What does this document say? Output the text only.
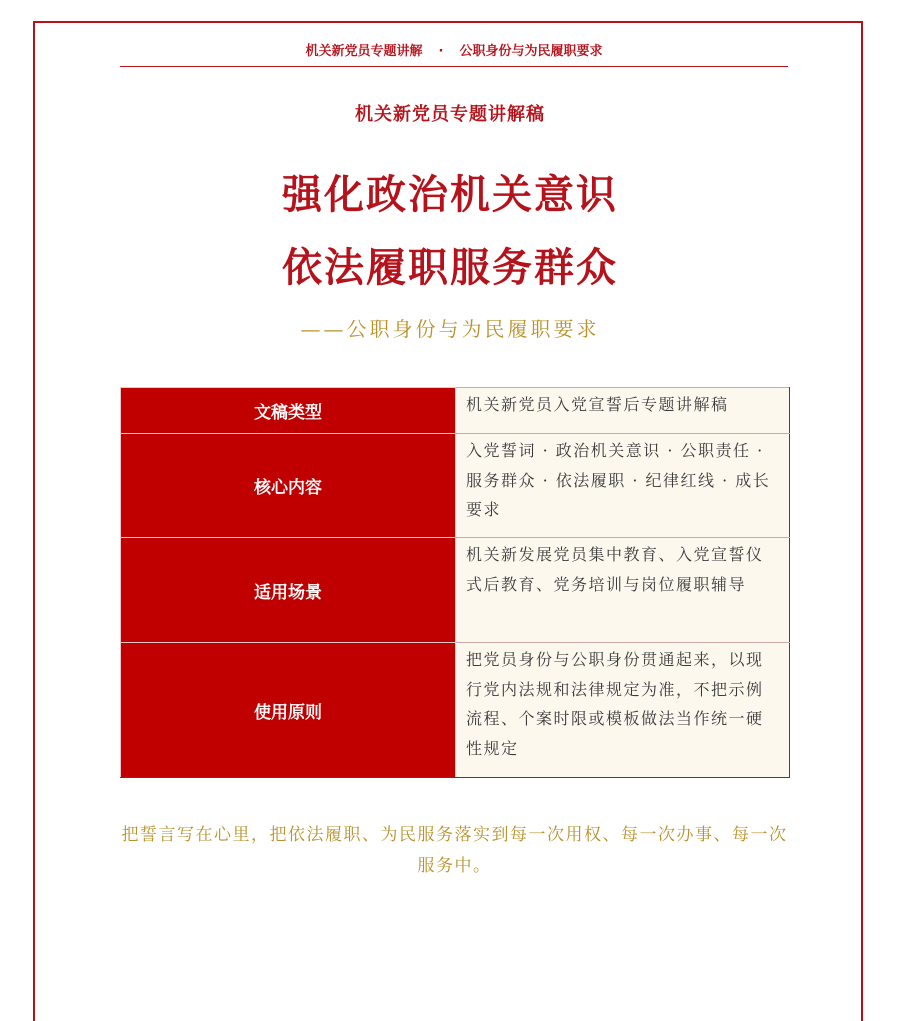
机关新党员专题讲解 · 公职身份与为民履职要求
机关新党员专题讲解稿
强化政治机关意识
依法履职服务群众
——公职身份与为民履职要求
文稿类型	机关新党员入党宣誓后专题讲解稿
核心内容	入党誓词 · 政治机关意识 · 公职责任 · 服务群众 · 依法履职 · 纪律红线 · 成长要求
适用场景	机关新发展党员集中教育、入党宣誓仪式后教育、党务培训与岗位履职辅导
使用原则	把党员身份与公职身份贯通起来，以现行党内法规和法律规定为准，不把示例流程、个案时限或模板做法当作统一硬性规定
把誓言写在心里，把依法履职、为民服务落实到每一次用权、每一次办事、每一次服务中。
